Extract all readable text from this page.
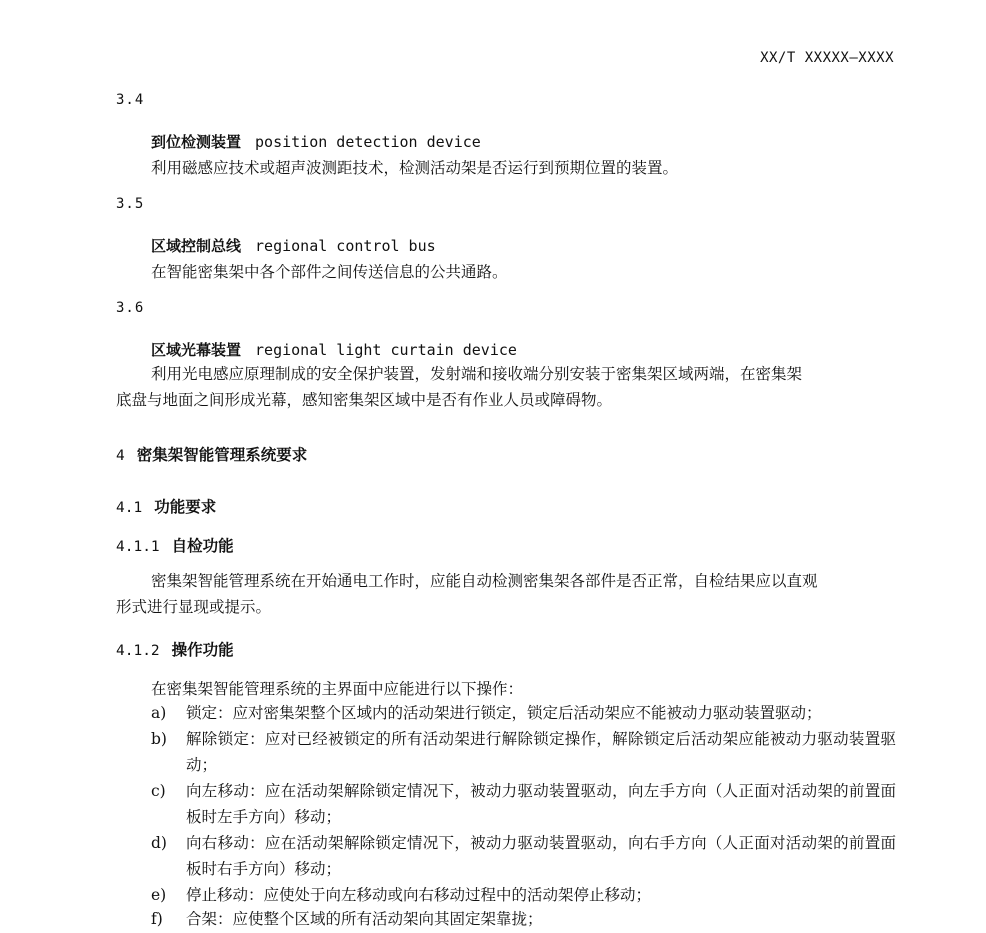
XX/T XXXXX—XXXX
3.4
到位检测装置 position detection device
利用磁感应技术或超声波测距技术，检测活动架是否运行到预期位置的装置。
3.5
区域控制总线 regional control bus
在智能密集架中各个部件之间传送信息的公共通路。
3.6
区域光幕装置 regional light curtain device
利用光电感应原理制成的安全保护装置，发射端和接收端分别安装于密集架区域两端，在密集架
底盘与地面之间形成光幕，感知密集架区域中是否有作业人员或障碍物。
4 密集架智能管理系统要求
4.1 功能要求
4.1.1 自检功能
密集架智能管理系统在开始通电工作时，应能自动检测密集架各部件是否正常，自检结果应以直观
形式进行显现或提示。
4.1.2 操作功能
在密集架智能管理系统的主界面中应能进行以下操作：
a)	锁定：应对密集架整个区域内的活动架进行锁定，锁定后活动架应不能被动力驱动装置驱动；
b)	解除锁定：应对已经被锁定的所有活动架进行解除锁定操作，解除锁定后活动架应能被动力驱动装置驱动；
c)	向左移动：应在活动架解除锁定情况下，被动力驱动装置驱动，向左手方向（人正面对活动架的前置面板时左手方向）移动；
d)	向右移动：应在活动架解除锁定情况下，被动力驱动装置驱动，向右手方向（人正面对活动架的前置面板时右手方向）移动；
e)	停止移动：应使处于向左移动或向右移动过程中的活动架停止移动；
f)	合架：应使整个区域的所有活动架向其固定架靠拢；
